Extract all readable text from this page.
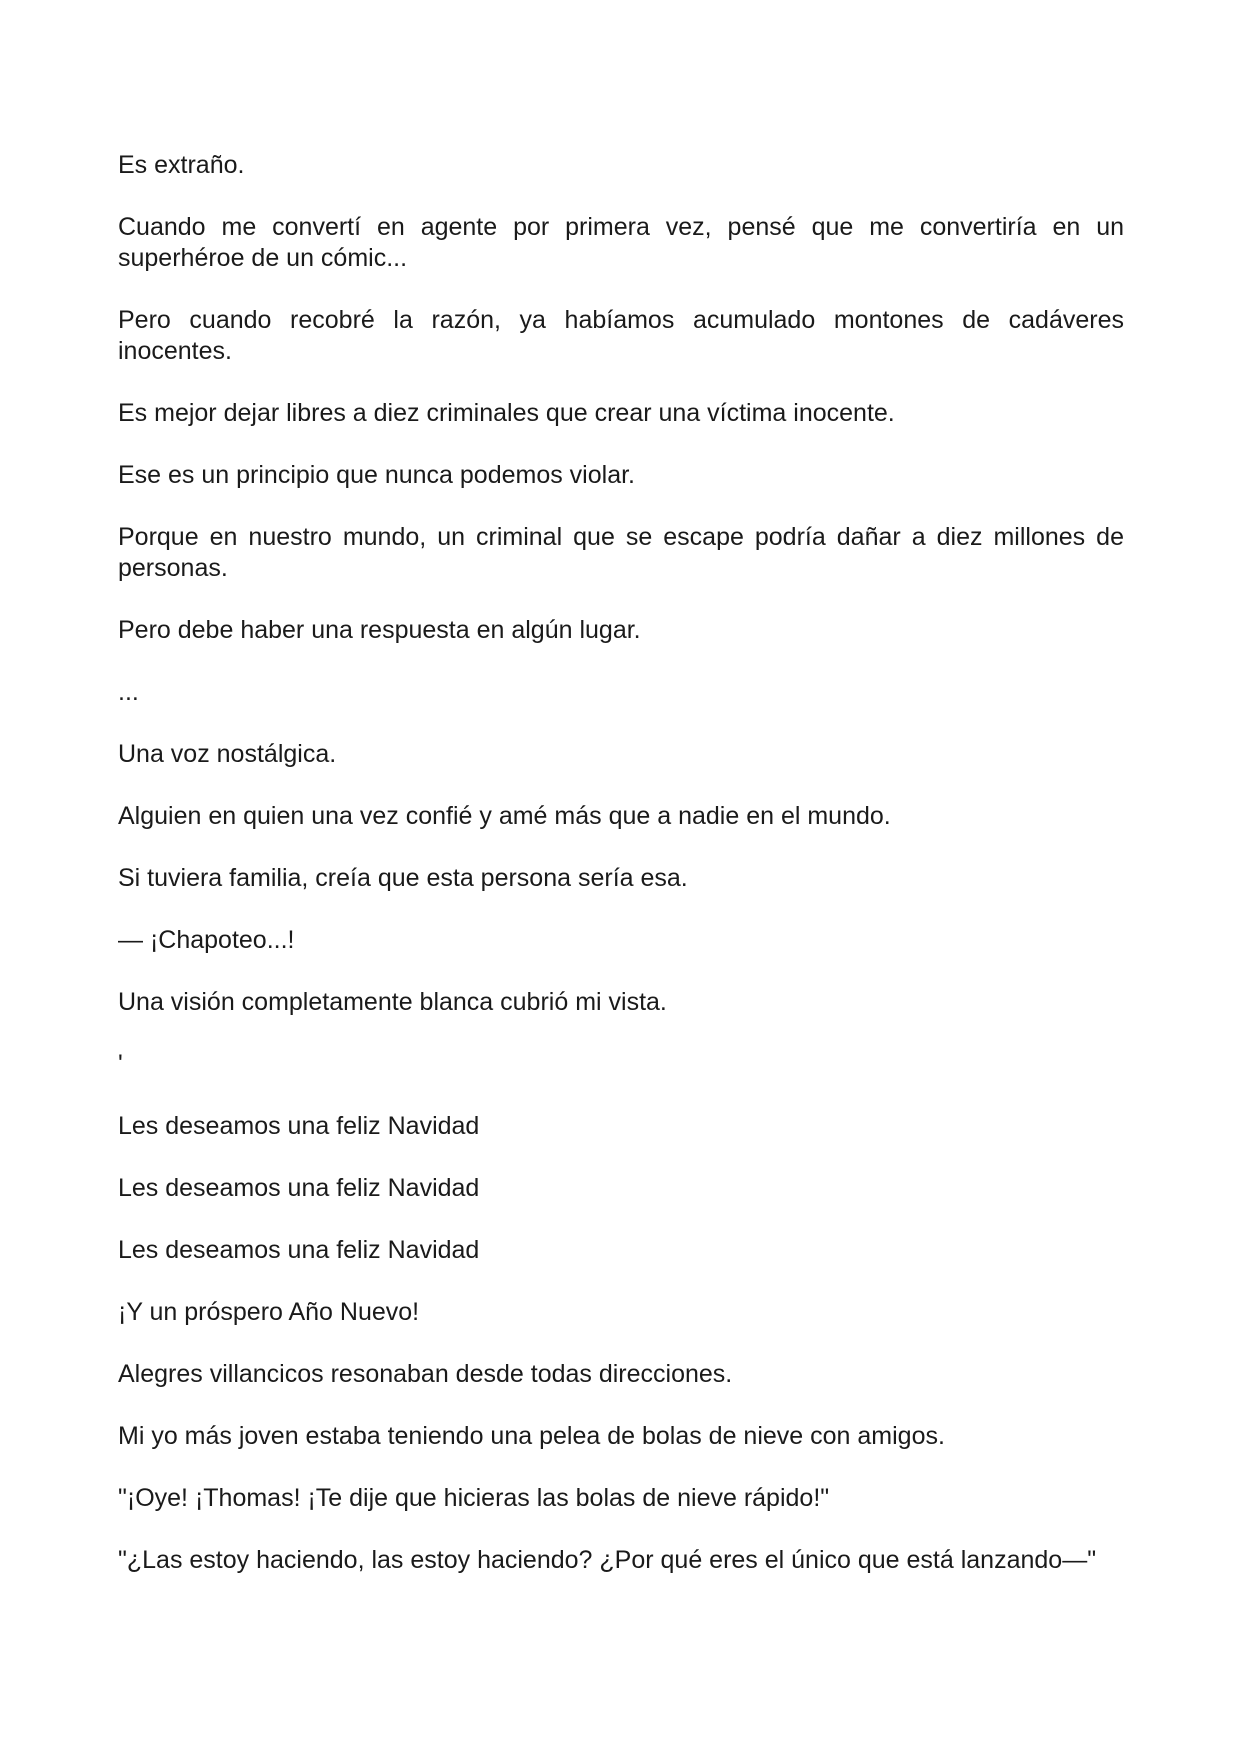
Es extraño.

Cuando me convertí en agente por primera vez, pensé que me convertiría en un superhéroe de un cómic...

Pero cuando recobré la razón, ya habíamos acumulado montones de cadáveres inocentes.

Es mejor dejar libres a diez criminales que crear una víctima inocente.

Ese es un principio que nunca podemos violar.

Porque en nuestro mundo, un criminal que se escape podría dañar a diez millones de personas.

Pero debe haber una respuesta en algún lugar.

...

Una voz nostálgica.

Alguien en quien una vez confié y amé más que a nadie en el mundo.

Si tuviera familia, creía que esta persona sería esa.

— ¡Chapoteo...!

Una visión completamente blanca cubrió mi vista.

'

Les deseamos una feliz Navidad

Les deseamos una feliz Navidad

Les deseamos una feliz Navidad

¡Y un próspero Año Nuevo!

Alegres villancicos resonaban desde todas direcciones.

Mi yo más joven estaba teniendo una pelea de bolas de nieve con amigos.

"¡Oye! ¡Thomas! ¡Te dije que hicieras las bolas de nieve rápido!"

"¿Las estoy haciendo, las estoy haciendo? ¿Por qué eres el único que está lanzando—"
